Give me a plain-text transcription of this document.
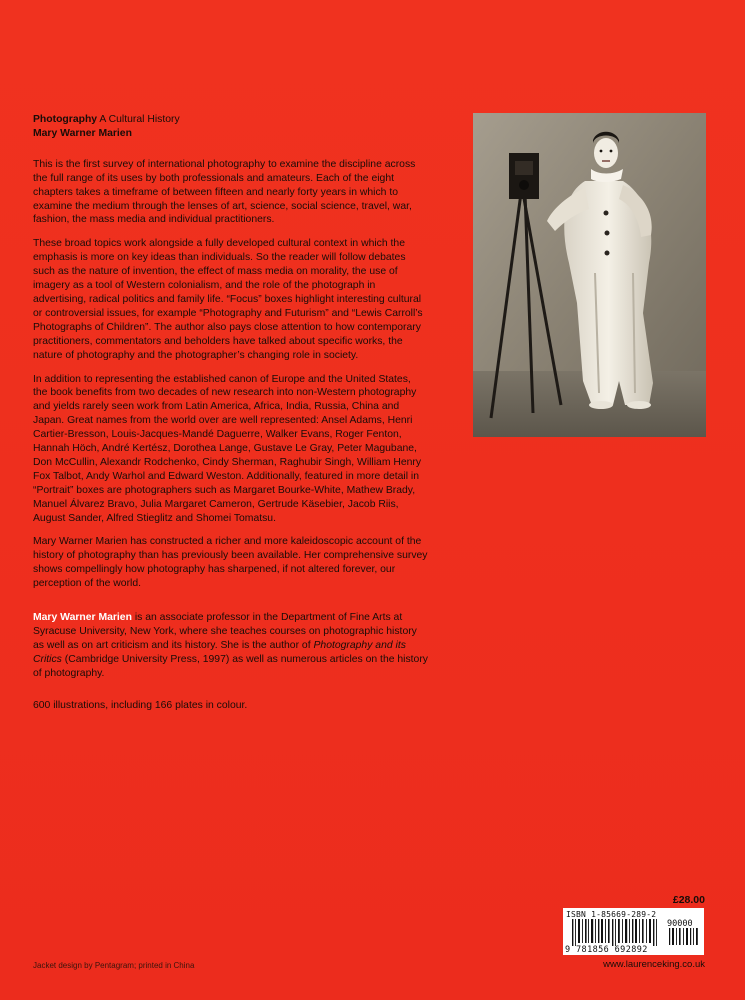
Photography A Cultural History

Mary Warner Marien

This is the first survey of international photography to examine the discipline across the full range of its uses by both professionals and amateurs. Each of the eight chapters takes a timeframe of between fifteen and nearly forty years in which to examine the medium through the lenses of art, science, social science, travel, war, fashion, the mass media and individual practitioners.

These broad topics work alongside a fully developed cultural context in which the emphasis is more on key ideas than individuals. So the reader will follow debates such as the nature of invention, the effect of mass media on morality, the use of imagery as a tool of Western colonialism, and the role of the photograph in advertising, radical politics and family life. “Focus” boxes highlight interesting cultural or controversial issues, for example “Photography and Futurism” and “Lewis Carroll’s Photographs of Children”. The author also pays close attention to how contemporary practitioners, commentators and beholders have talked about specific works, the nature of photography and the photographer’s changing role in society.

In addition to representing the established canon of Europe and the United States, the book benefits from two decades of new research into non-Western photography and yields rarely seen work from Latin America, Africa, India, Russia, China and Japan. Great names from the world over are well represented: Ansel Adams, Henri Cartier-Bresson, Louis-Jacques-Mandé Daguerre, Walker Evans, Roger Fenton, Hannah Höch, André Kertész, Dorothea Lange, Gustave Le Gray, Peter Magubane, Don McCullin, Alexandr Rodchenko, Cindy Sherman, Raghubir Singh, William Henry Fox Talbot, Andy Warhol and Edward Weston. Additionally, featured in more detail in “Portrait” boxes are photographers such as Margaret Bourke-White, Mathew Brady, Manuel Álvarez Bravo, Julia Margaret Cameron, Gertrude Käsebier, Jacob Riis, August Sander, Alfred Stieglitz and Shomei Tomatsu.

Mary Warner Marien has constructed a richer and more kaleidoscopic account of the history of photography than has previously been available. Her comprehensive survey shows compellingly how photography has sharpened, if not altered forever, our perception of the world.

Mary Warner Marien is an associate professor in the Department of Fine Arts at Syracuse University, New York, where she teaches courses on photographic history as well as on art criticism and its history. She is the author of Photography and its Critics (Cambridge University Press, 1997) as well as numerous articles on the history of photography.

600 illustrations, including 166 plates in colour.

£28.00
ISBN 1-85669-289-2
90000
9 781856 692892
Jacket design by Pentagram; printed in China	www.laurenceking.co.uk
